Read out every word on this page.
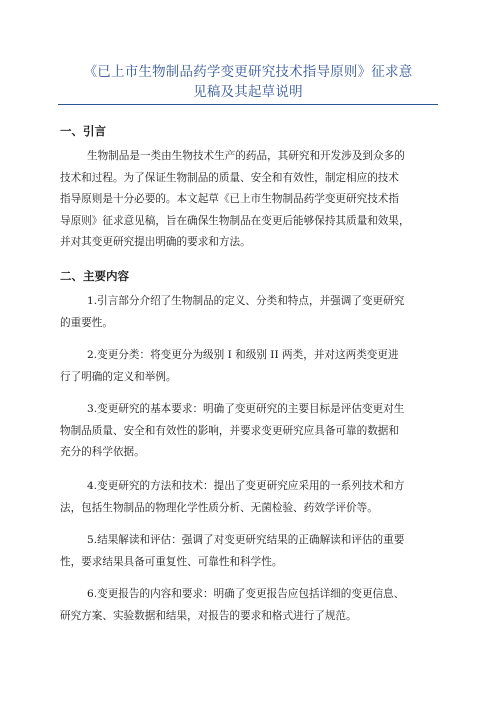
《已上市生物制品药学变更研究技术指导原则》征求意
见稿及其起草说明
一、引言
生物制品是一类由生物技术生产的药品，其研究和开发涉及到众多的
技术和过程。为了保证生物制品的质量、安全和有效性，制定相应的技术
指导原则是十分必要的。本文起草《已上市生物制品药学变更研究技术指
导原则》征求意见稿，旨在确保生物制品在变更后能够保持其质量和效果，
并对其变更研究提出明确的要求和方法。
二、主要内容
1.引言部分介绍了生物制品的定义、分类和特点，并强调了变更研究
的重要性。
2.变更分类：将变更分为级别 I 和级别 II 两类，并对这两类变更进
行了明确的定义和举例。
3.变更研究的基本要求：明确了变更研究的主要目标是评估变更对生
物制品质量、安全和有效性的影响，并要求变更研究应具备可靠的数据和
充分的科学依据。
4.变更研究的方法和技术：提出了变更研究应采用的一系列技术和方
法，包括生物制品的物理化学性质分析、无菌检验、药效学评价等。
5.结果解读和评估：强调了对变更研究结果的正确解读和评估的重要
性，要求结果具备可重复性、可靠性和科学性。
6.变更报告的内容和要求：明确了变更报告应包括详细的变更信息、
研究方案、实验数据和结果，对报告的要求和格式进行了规范。
